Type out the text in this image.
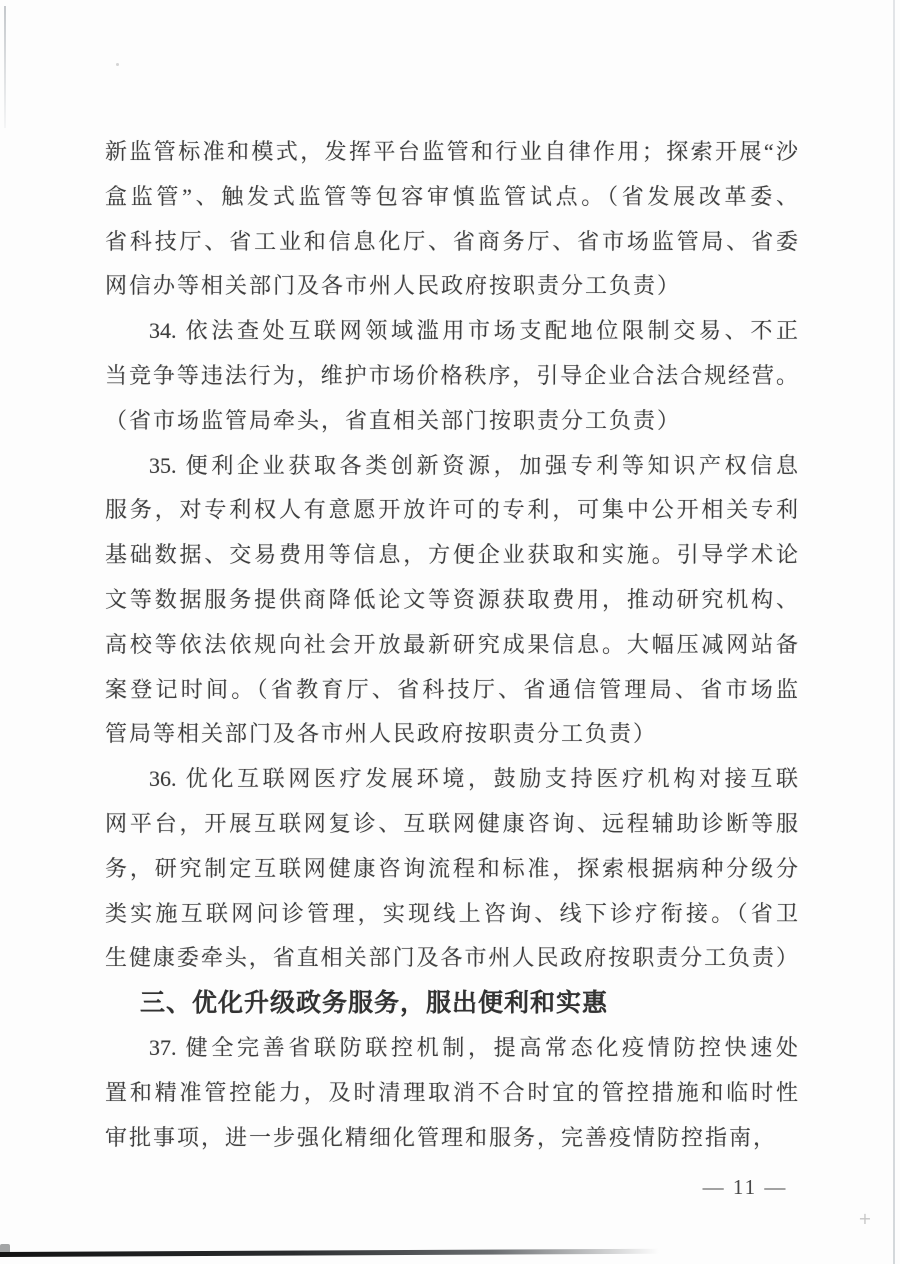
新监管标准和模式，发挥平台监管和行业自律作用；探索开展“沙
盒监管”、触发式监管等包容审慎监管试点。（省发展改革委、
省科技厅、省工业和信息化厅、省商务厅、省市场监管局、省委
网信办等相关部门及各市州人民政府按职责分工负责）
34. 依法查处互联网领域滥用市场支配地位限制交易、不正
当竞争等违法行为，维护市场价格秩序，引导企业合法合规经营。
（省市场监管局牵头，省直相关部门按职责分工负责）
35. 便利企业获取各类创新资源，加强专利等知识产权信息
服务，对专利权人有意愿开放许可的专利，可集中公开相关专利
基础数据、交易费用等信息，方便企业获取和实施。引导学术论
文等数据服务提供商降低论文等资源获取费用，推动研究机构、
高校等依法依规向社会开放最新研究成果信息。大幅压减网站备
案登记时间。（省教育厅、省科技厅、省通信管理局、省市场监
管局等相关部门及各市州人民政府按职责分工负责）
36. 优化互联网医疗发展环境，鼓励支持医疗机构对接互联
网平台，开展互联网复诊、互联网健康咨询、远程辅助诊断等服
务，研究制定互联网健康咨询流程和标准，探索根据病种分级分
类实施互联网问诊管理，实现线上咨询、线下诊疗衔接。（省卫
生健康委牵头，省直相关部门及各市州人民政府按职责分工负责）
三、优化升级政务服务，服出便利和实惠
37. 健全完善省联防联控机制，提高常态化疫情防控快速处
置和精准管控能力，及时清理取消不合时宜的管控措施和临时性
审批事项，进一步强化精细化管理和服务，完善疫情防控指南，
— 11 —
+
